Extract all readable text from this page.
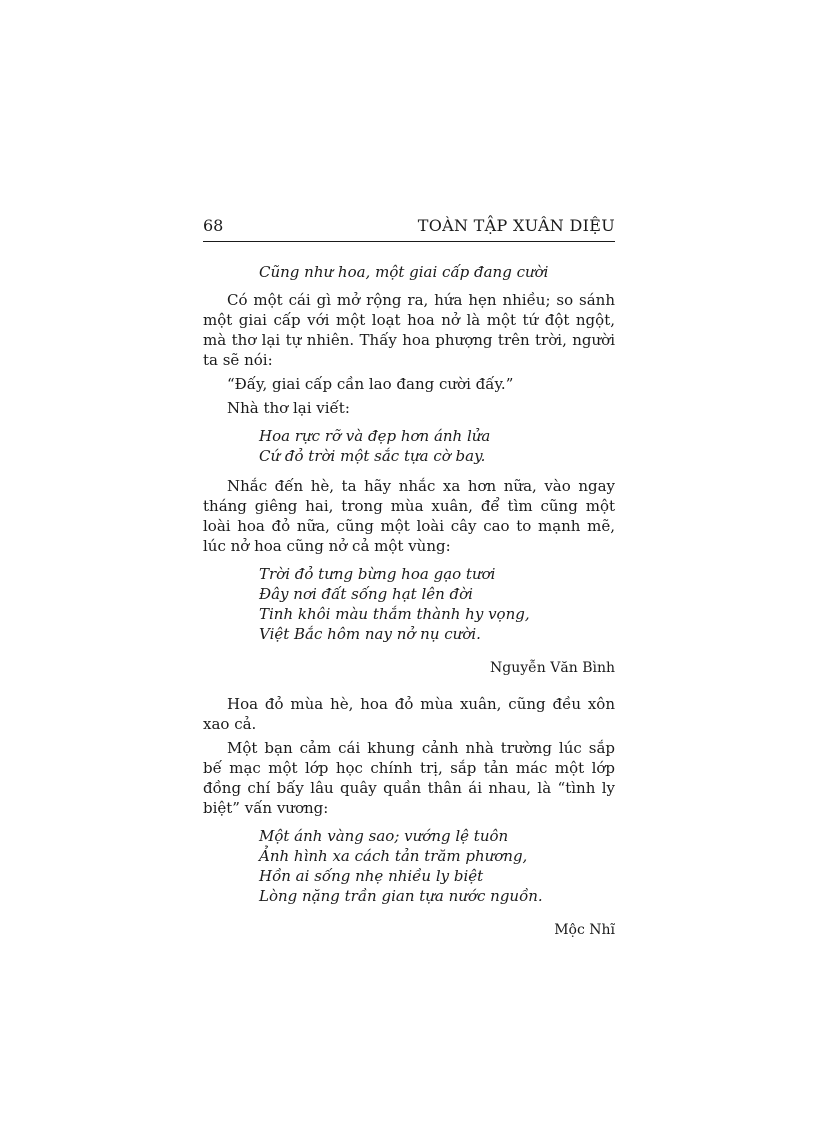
68	TOÀN TẬP XUÂN DIỆU

Cũng như hoa, một giai cấp đang cười

Có một cái gì mở rộng ra, hứa hẹn nhiều; so sánh một giai cấp với một loạt hoa nở là một tứ đột ngột, mà thơ lại tự nhiên. Thấy hoa phượng trên trời, người ta sẽ nói:

“Đấy, giai cấp cần lao đang cười đấy.”

Nhà thơ lại viết:

Hoa rực rỡ và đẹp hơn ánh lửa

Cứ đỏ trời một sắc tựa cờ bay.

Nhắc đến hè, ta hãy nhắc xa hơn nữa, vào ngay tháng giêng hai, trong mùa xuân, để tìm cũng một loài hoa đỏ nữa, cũng một loài cây cao to mạnh mẽ, lúc nở hoa cũng nở cả một vùng:

Trời đỏ tưng bừng hoa gạo tươi

Đây nơi đất sống hạt lên đời

Tinh khôi màu thắm thành hy vọng,

Việt Bắc hôm nay nở nụ cười.

Nguyễn Văn Bình

Hoa đỏ mùa hè, hoa đỏ mùa xuân, cũng đều xôn xao cả.

Một bạn cảm cái khung cảnh nhà trường lúc sắp bế mạc một lớp học chính trị, sắp tản mác một lớp đồng chí bấy lâu quây quần thân ái nhau, là “tình ly biệt” vấn vương:

Một ánh vàng sao; vướng lệ tuôn

Ảnh hình xa cách tản trăm phương,

Hồn ai sống nhẹ nhiều ly biệt

Lòng nặng trần gian tựa nước nguồn.

Mộc Nhĩ
